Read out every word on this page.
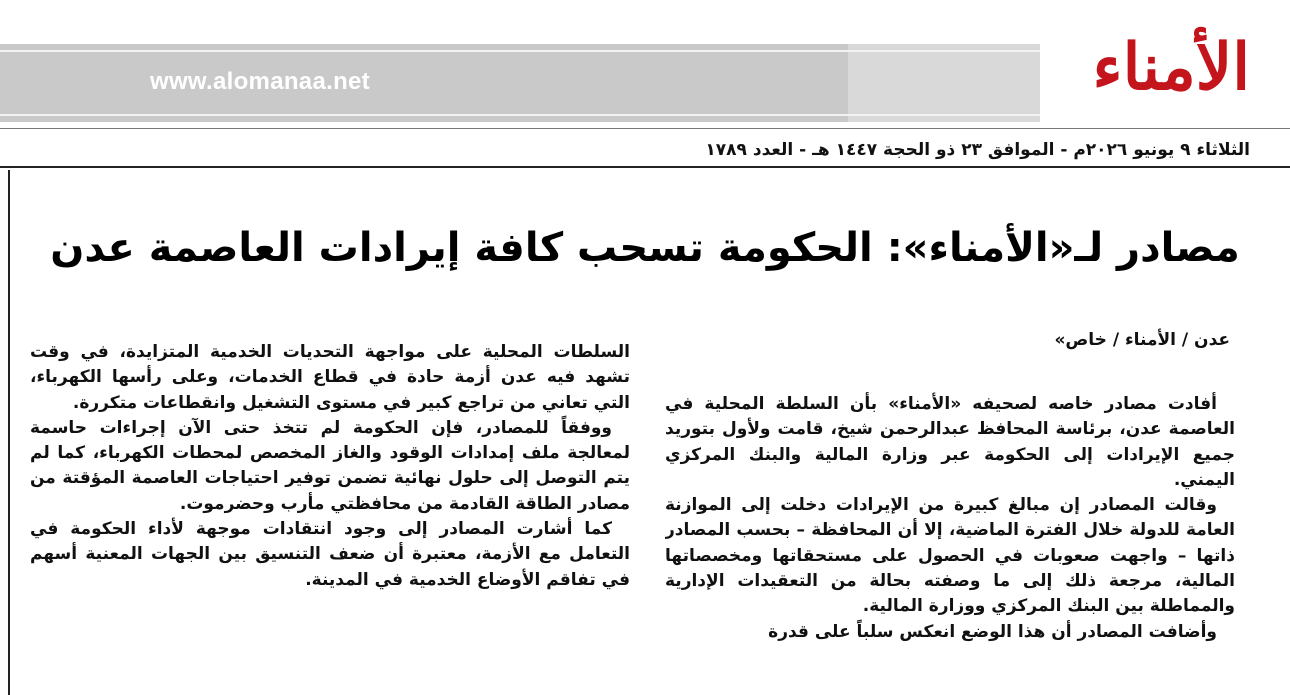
www.alomanaa.net	الأمناء
الثلاثاء ٩ يونيو ٢٠٢٦م - الموافق ٢٣ ذو الحجة ١٤٤٧ هـ - العدد ١٧٨٩
مصادر لـ«الأمناء»: الحكومة تسحب كافة إيرادات العاصمة عدن
عدن / الأمناء / خاص»

أفادت مصادر خاصه لصحيفه «الأمناء» بأن السلطة المحلية في العاصمة عدن، برئاسة المحافظ عبدالرحمن شيخ، قامت ولأول بتوريد جميع الإيرادات إلى الحكومة عبر وزارة المالية والبنك المركزي اليمني.

وقالت المصادر إن مبالغ كبيرة من الإيرادات دخلت إلى الموازنة العامة للدولة خلال الفترة الماضية، إلا أن المحافظة – بحسب المصادر ذاتها – واجهت صعوبات في الحصول على مستحقاتها ومخصصاتها المالية، مرجعة ذلك إلى ما وصفته بحالة من التعقيدات الإدارية والمماطلة بين البنك المركزي ووزارة المالية.

وأضافت المصادر أن هذا الوضع انعكس سلباً على قدرة

السلطات المحلية على مواجهة التحديات الخدمية المتزايدة، في وقت تشهد فيه عدن أزمة حادة في قطاع الخدمات، وعلى رأسها الكهرباء، التي تعاني من تراجع كبير في مستوى التشغيل وانقطاعات متكررة.

ووفقاً للمصادر، فإن الحكومة لم تتخذ حتى الآن إجراءات حاسمة لمعالجة ملف إمدادات الوقود والغاز المخصص لمحطات الكهرباء، كما لم يتم التوصل إلى حلول نهائية تضمن توفير احتياجات العاصمة المؤقتة من مصادر الطاقة القادمة من محافظتي مأرب وحضرموت.

كما أشارت المصادر إلى وجود انتقادات موجهة لأداء الحكومة في التعامل مع الأزمة، معتبرة أن ضعف التنسيق بين الجهات المعنية أسهم في تفاقم الأوضاع الخدمية في المدينة.
